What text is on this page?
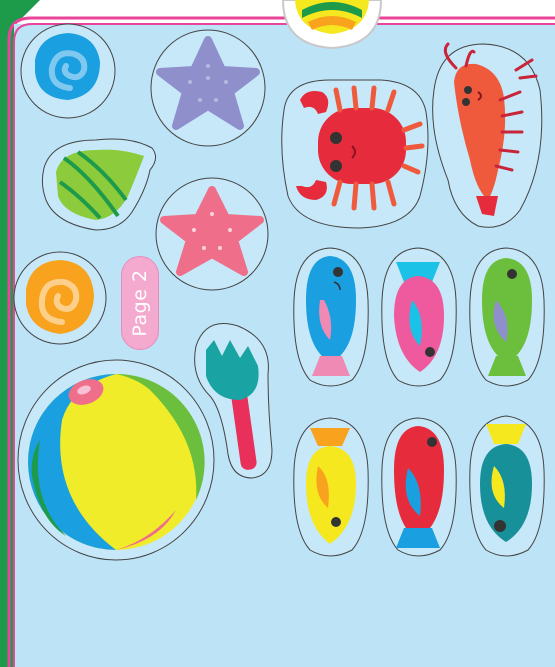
Page 2
